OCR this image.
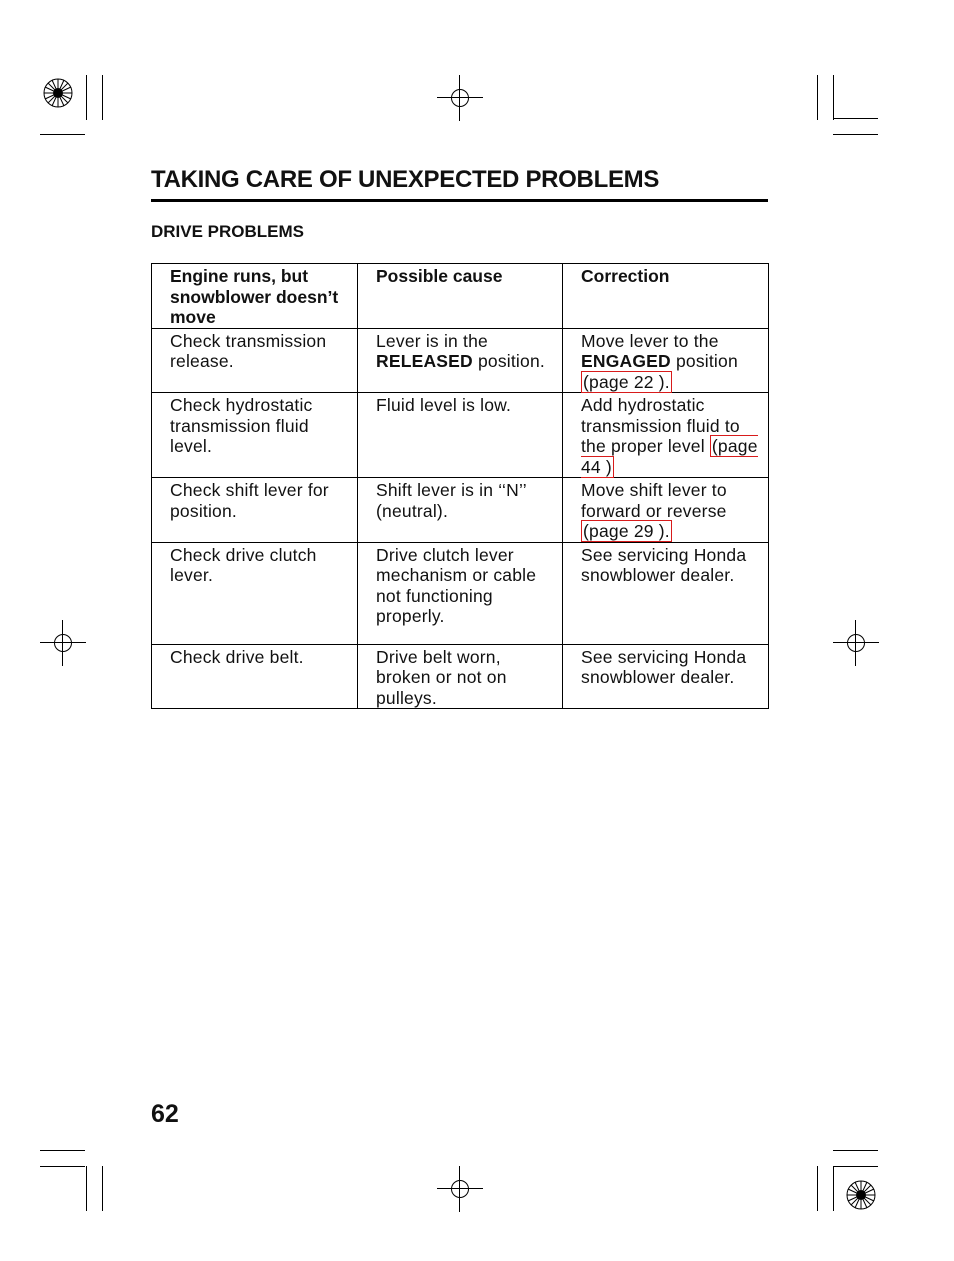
TAKING CARE OF UNEXPECTED PROBLEMS
DRIVE PROBLEMS
Engine runs, but snowblower doesn’t move	Possible cause	Correction
Check transmission release.	Lever is in the RELEASED position.	Move lever to the ENGAGED position (page 22 ).
Check hydrostatic transmission fluid level.	Fluid level is low.	Add hydrostatic transmission fluid to the proper level (page 44 )
Check shift lever for position.	Shift lever is in ‘‘N’’ (neutral).	Move shift lever to forward or reverse (page 29 ).
Check drive clutch lever.	Drive clutch lever mechanism or cable not functioning properly.	See servicing Honda snowblower dealer.
Check drive belt.	Drive belt worn, broken or not on pulleys.	See servicing Honda snowblower dealer.
62
